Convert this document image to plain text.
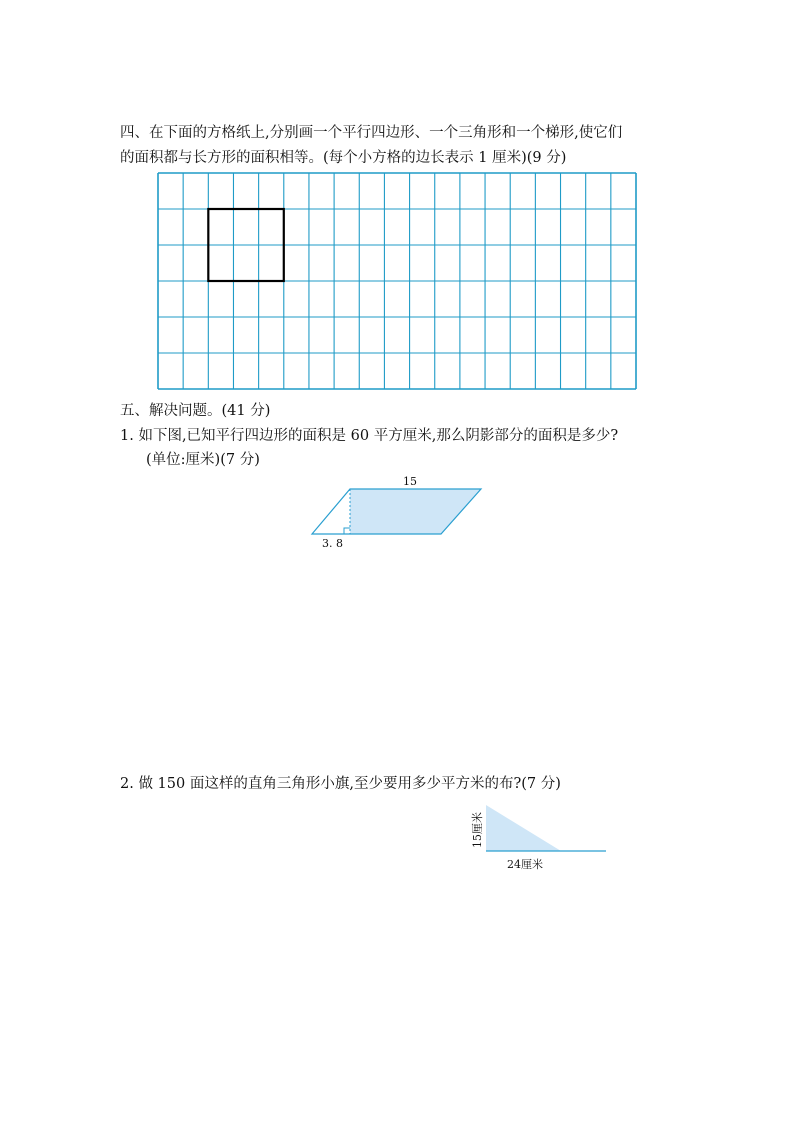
四、在下面的方格纸上,分别画一个平行四边形、一个三角形和一个梯形,使它们
的面积都与长方形的面积相等。(每个小方格的边长表示 1 厘米)(9 分)
15
3. 8
15厘米
24厘米
五、解决问题。(41 分)
1. 如下图,已知平行四边形的面积是 60 平方厘米,那么阴影部分的面积是多少?
(单位:厘米)(7 分)
2. 做 150 面这样的直角三角形小旗,至少要用多少平方米的布?(7 分)
